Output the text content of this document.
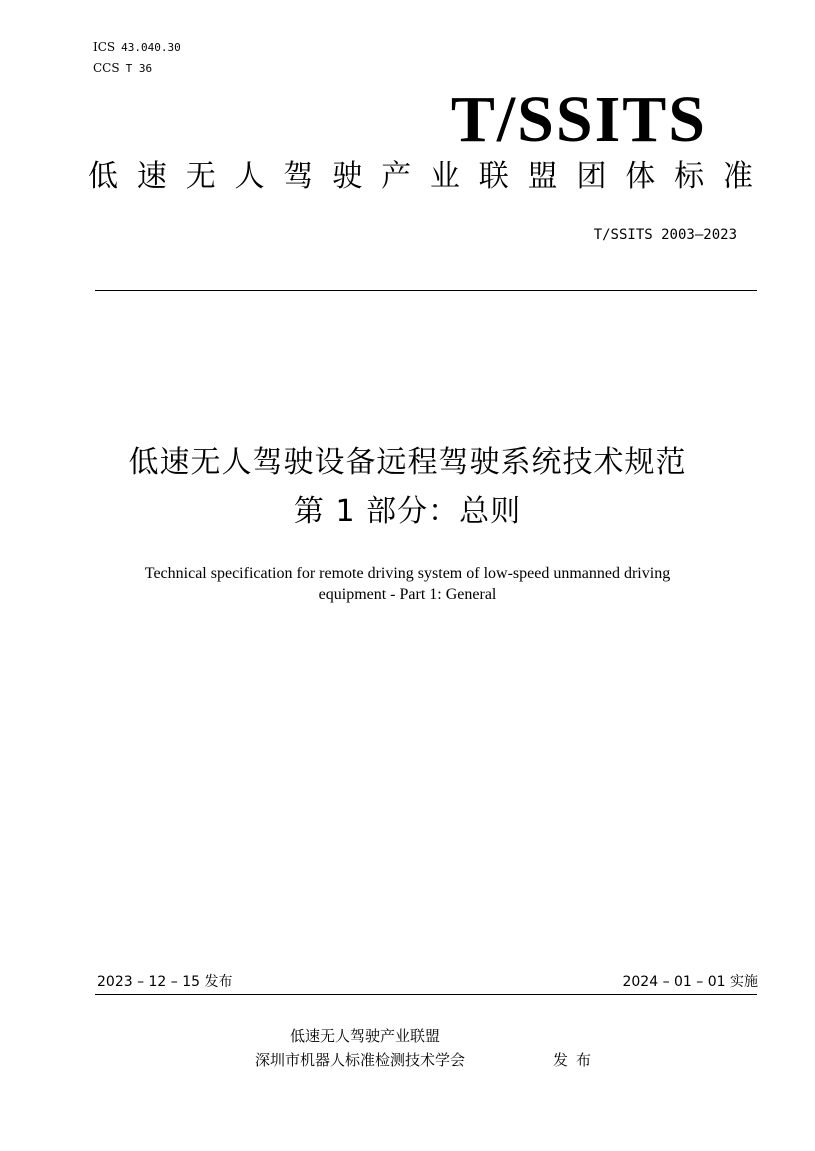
ICS 43.040.30
CCS T 36
T/SSITS
低 速 无 人 驾 驶 产 业 联 盟 团 体 标 准
T/SSITS 2003—2023
低速无人驾驶设备远程驾驶系统技术规范
第 1 部分：总则
Technical specification for remote driving system of low-speed unmanned driving
equipment - Part 1: General
2023 – 12 – 15 发布	2024 – 01 – 01 实施
低速无人驾驶产业联盟
深圳市机器人标准检测技术学会	发布
